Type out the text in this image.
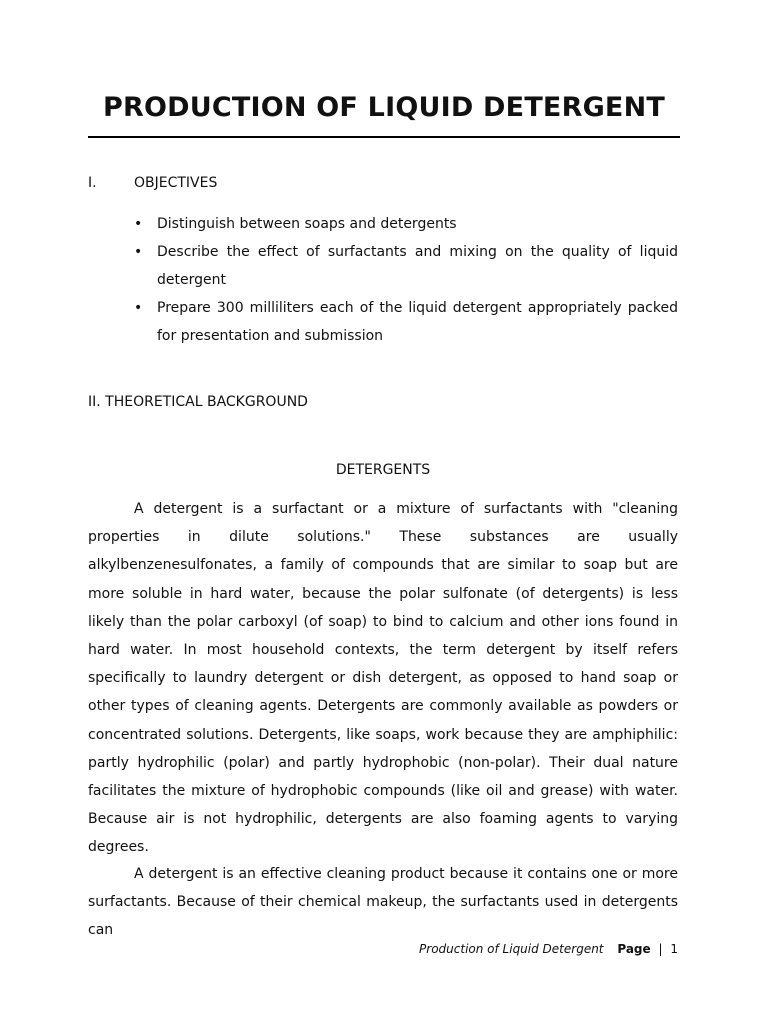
PRODUCTION OF LIQUID DETERGENT

I.	OBJECTIVES

• Distinguish between soaps and detergents
• Describe the effect of surfactants and mixing on the quality of liquid detergent
• Prepare 300 milliliters each of the liquid detergent appropriately packed for presentation and submission

II. THEORETICAL BACKGROUND

DETERGENTS

A detergent is a surfactant or a mixture of surfactants with "cleaning properties in dilute solutions." These substances are usually alkylbenzenesulfonates, a family of compounds that are similar to soap but are more soluble in hard water, because the polar sulfonate (of detergents) is less likely than the polar carboxyl (of soap) to bind to calcium and other ions found in hard water. In most household contexts, the term detergent by itself refers specifically to laundry detergent or dish detergent, as opposed to hand soap or other types of cleaning agents. Detergents are commonly available as powders or concentrated solutions. Detergents, like soaps, work because they are amphiphilic: partly hydrophilic (polar) and partly hydrophobic (non-polar). Their dual nature facilitates the mixture of hydrophobic compounds (like oil and grease) with water. Because air is not hydrophilic, detergents are also foaming agents to varying degrees.

A detergent is an effective cleaning product because it contains one or more surfactants. Because of their chemical makeup, the surfactants used in detergents can

Production of Liquid Detergent Page | 1
